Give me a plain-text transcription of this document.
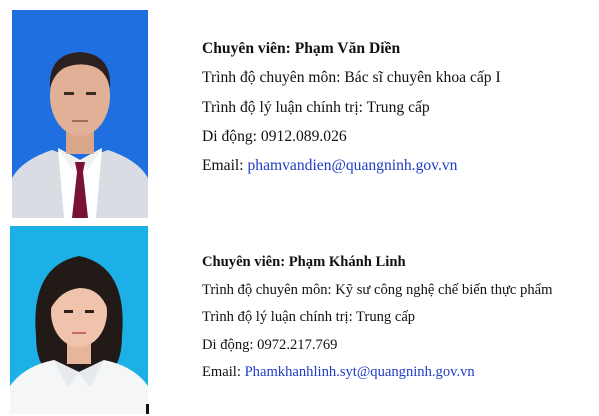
Chuyên viên: Phạm Văn Diền
Trình độ chuyên môn: Bác sĩ chuyên khoa cấp I
Trình độ lý luận chính trị: Trung cấp
Di động: 0912.089.026
Email: phamvandien@quangninh.gov.vn
Chuyên viên: Phạm Khánh Linh
Trình độ chuyên môn: Kỹ sư công nghệ chế biến thực phẩm
Trình độ lý luận chính trị: Trung cấp
Di động: 0972.217.769
Email: Phamkhanhlinh.syt@quangninh.gov.vn
